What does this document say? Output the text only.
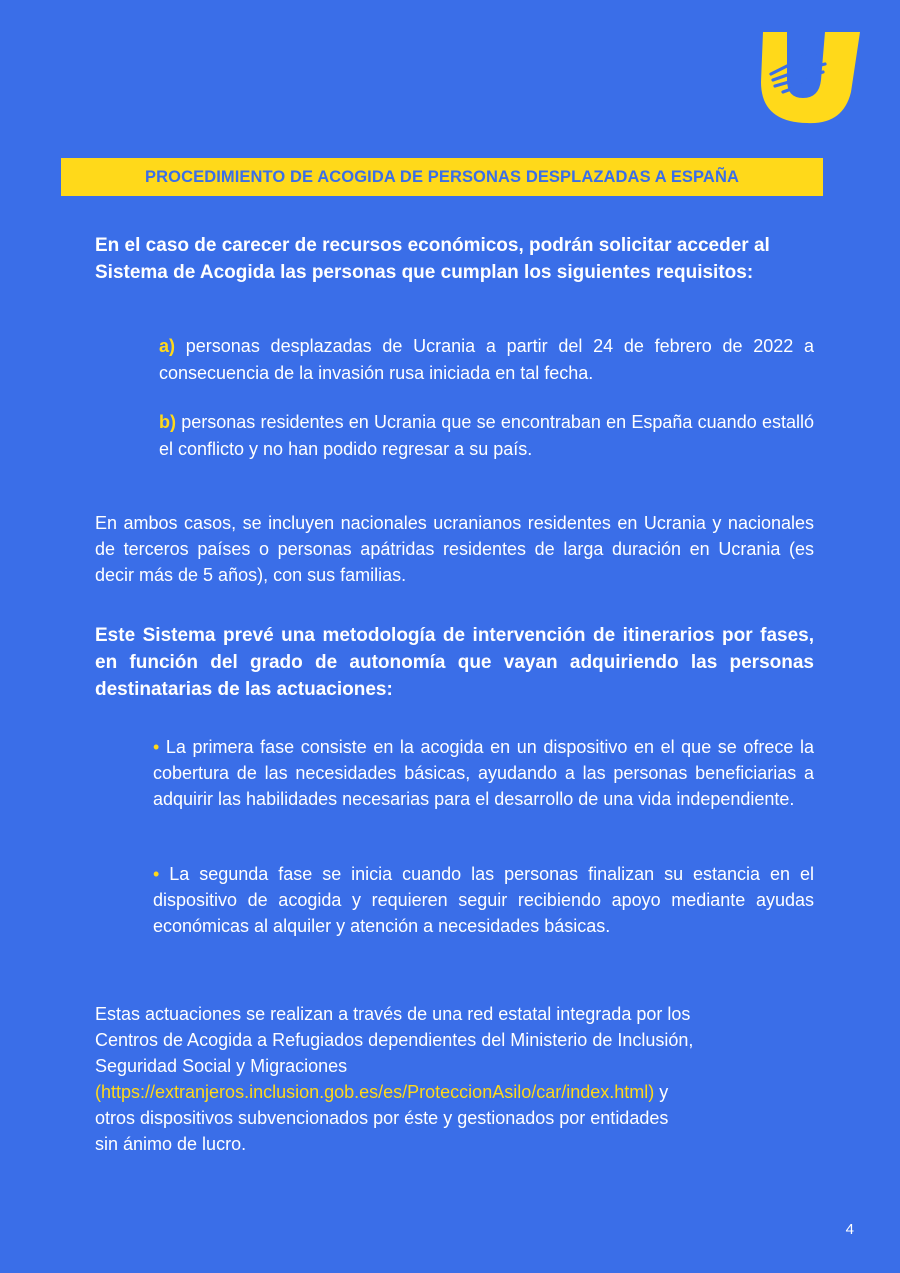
PROCEDIMIENTO DE ACOGIDA DE PERSONAS DESPLAZADAS A ESPAÑA
En el caso de carecer de recursos económicos, podrán solicitar acceder al Sistema de Acogida las personas que cumplan los siguientes requisitos:
a) personas desplazadas de Ucrania a partir del 24 de febrero de 2022 a consecuencia de la invasión rusa iniciada en tal fecha.
b) personas residentes en Ucrania que se encontraban en España cuando estalló el conflicto y no han podido regresar a su país.
En ambos casos, se incluyen nacionales ucranianos residentes en Ucrania y nacionales de terceros países o personas apátridas residentes de larga duración en Ucrania (es decir más de 5 años), con sus familias.
Este Sistema prevé una metodología de intervención de itinerarios por fases, en función del grado de autonomía que vayan adquiriendo las personas destinatarias de las actuaciones:
• La primera fase consiste en la acogida en un dispositivo en el que se ofrece la cobertura de las necesidades básicas, ayudando a las personas beneficiarias a adquirir las habilidades necesarias para el desarrollo de una vida independiente.
• La segunda fase se inicia cuando las personas finalizan su estancia en el dispositivo de acogida y requieren seguir recibiendo apoyo mediante ayudas económicas al alquiler y atención a necesidades básicas.
Estas actuaciones se realizan a través de una red estatal integrada por los
Centros de Acogida a Refugiados dependientes del Ministerio de Inclusión,
Seguridad Social y Migraciones
(https://extranjeros.inclusion.gob.es/es/ProteccionAsilo/car/index.html) y
otros dispositivos subvencionados por éste y gestionados por entidades
sin ánimo de lucro.
4
